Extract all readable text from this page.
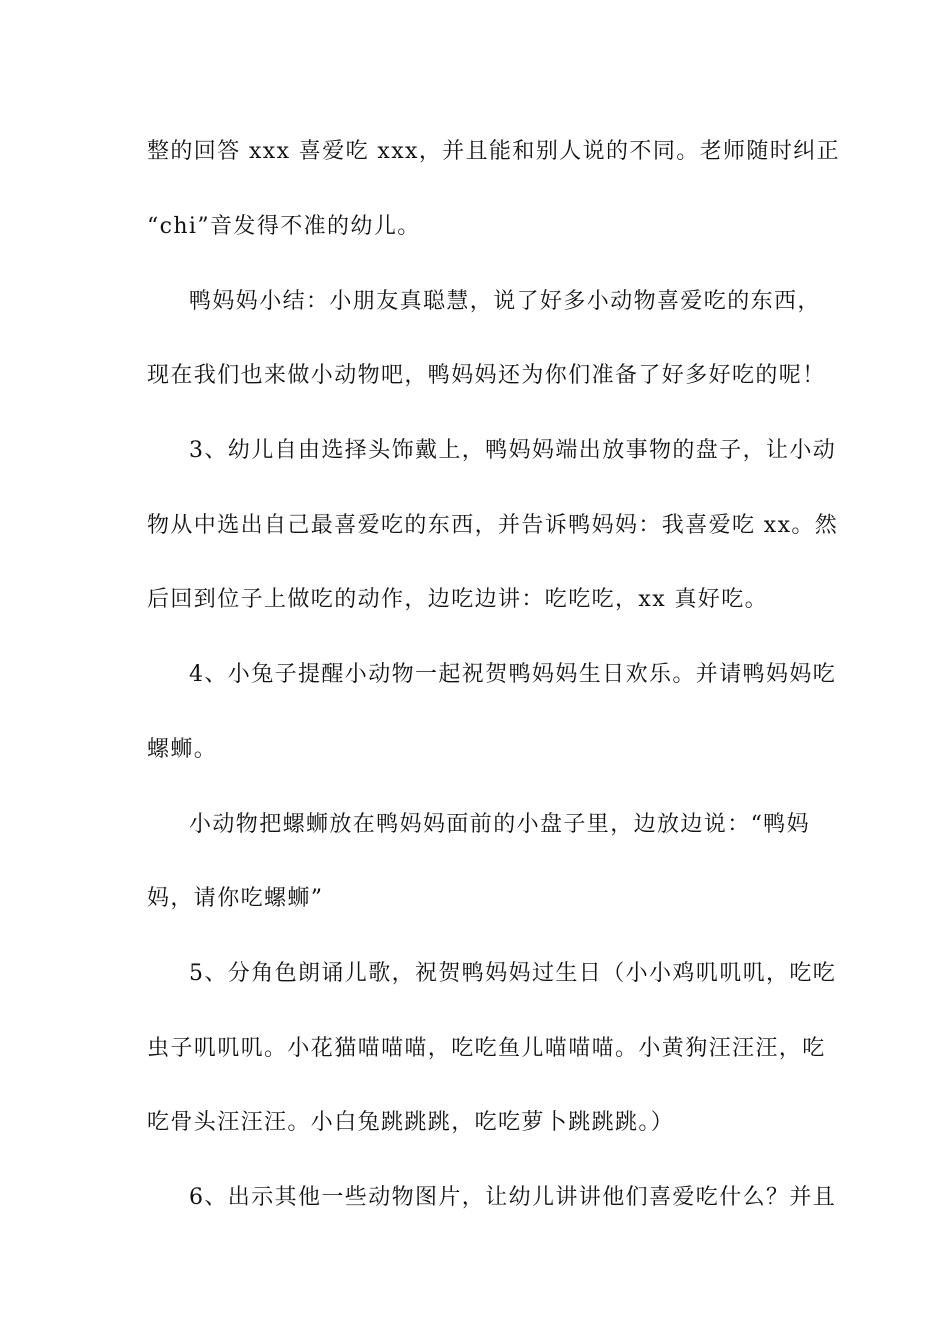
整的回答 xxx 喜爱吃 xxx，并且能和别人说的不同。老师随时纠正
“chi”音发得不准的幼儿。
鸭妈妈小结：小朋友真聪慧，说了好多小动物喜爱吃的东西，
现在我们也来做小动物吧，鸭妈妈还为你们准备了好多好吃的呢！
3、幼儿自由选择头饰戴上，鸭妈妈端出放事物的盘子，让小动
物从中选出自己最喜爱吃的东西，并告诉鸭妈妈：我喜爱吃 xx。然
后回到位子上做吃的动作，边吃边讲：吃吃吃，xx 真好吃。
4、小兔子提醒小动物一起祝贺鸭妈妈生日欢乐。并请鸭妈妈吃
螺蛳。
小动物把螺蛳放在鸭妈妈面前的小盘子里，边放边说：“鸭妈
妈，请你吃螺蛳”
5、分角色朗诵儿歌，祝贺鸭妈妈过生日（小小鸡叽叽叽，吃吃
虫子叽叽叽。小花猫喵喵喵，吃吃鱼儿喵喵喵。小黄狗汪汪汪，吃
吃骨头汪汪汪。小白兔跳跳跳，吃吃萝卜跳跳跳。）
6、出示其他一些动物图片，让幼儿讲讲他们喜爱吃什么？并且
